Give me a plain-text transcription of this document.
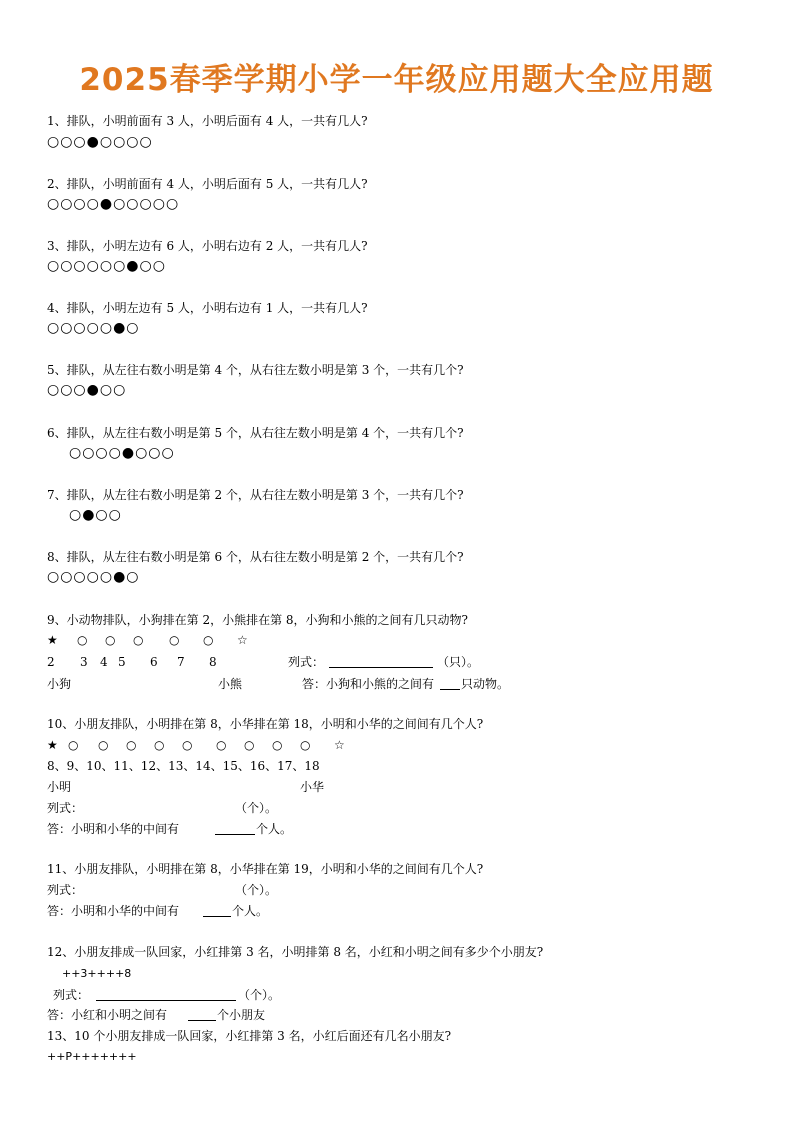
2025春季学期小学一年级应用题大全应用题
1、排队，小明前面有 3 人，小明后面有 4 人，一共有几人?
○○○●○○○○
2、排队，小明前面有 4 人，小明后面有 5 人，一共有几人?
○○○○●○○○○○
3、排队，小明左边有 6 人，小明右边有 2 人，一共有几人?
○○○○○○●○○
4、排队，小明左边有 5 人，小明右边有 1 人，一共有几人?
○○○○○●○
5、排队，从左往右数小明是第 4 个，从右往左数小明是第 3 个，一共有几个?
○○○●○○
6、排队，从左往右数小明是第 5 个，从右往左数小明是第 4 个，一共有几个?
○○○○●○○○
7、排队，从左往右数小明是第 2 个，从右往左数小明是第 3 个，一共有几个?
○●○○
8、排队，从左往右数小明是第 6 个，从右往左数小明是第 2 个，一共有几个?
○○○○○●○
9、小动物排队，小狗排在第 2，小熊排在第 8，小狗和小熊的之间有几只动物?
★ ○ ○ ○ ○ ○ ☆
2 3 4 5 6 7 8	列式：	（只）。
小狗	小熊	答：小狗和小熊的之间有 只动物。
10、小朋友排队，小明排在第 8，小华排在第 18，小明和小华的之间间有几个人?
★ ○ ○ ○ ○ ○ ○ ○ ○ ○ ☆
8、9、10、11、12、13、14、15、16、17、18
小明	小华
列式：	（个）。
答：小明和小华的中间有	个人。
11、小朋友排队，小明排在第 8，小华排在第 19，小明和小华的之间间有几个人?
列式：	（个）。
答：小明和小华的中间有	个人。
12、小朋友排成一队回家，小红排第 3 名，小明排第 8 名，小红和小明之间有多少个小朋友?
++3++++8
列式：	（个）。
答：小红和小明之间有	个小朋友
13、10 个小朋友排成一队回家，小红排第 3 名，小红后面还有几名小朋友?
++P+++++++
